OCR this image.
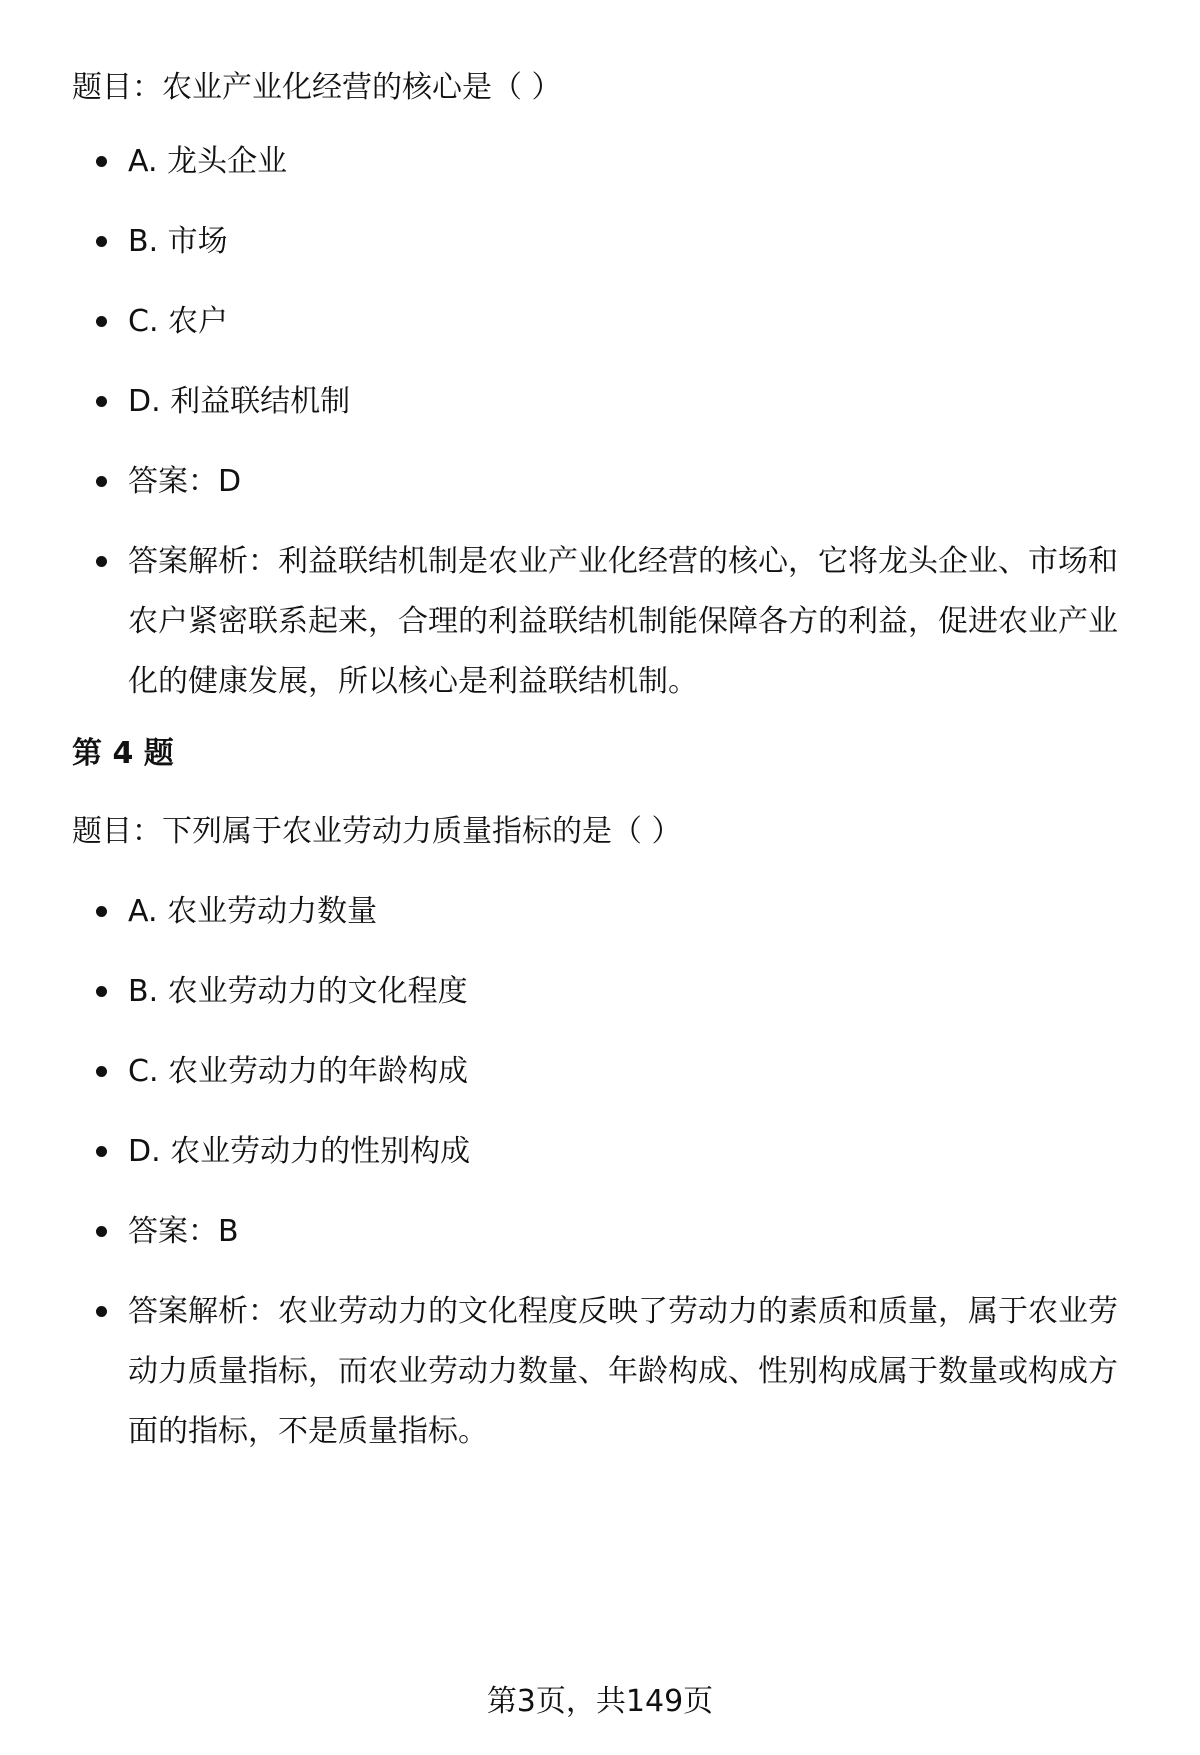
题目：农业产业化经营的核心是（ ）
A. 龙头企业
B. 市场
C. 农户
D. 利益联结机制
答案：D
答案解析：利益联结机制是农业产业化经营的核心，它将龙头企业、市场和农户紧密联系起来，合理的利益联结机制能保障各方的利益，促进农业产业化的健康发展，所以核心是利益联结机制。
第 4 题
题目：下列属于农业劳动力质量指标的是（ ）
A. 农业劳动力数量
B. 农业劳动力的文化程度
C. 农业劳动力的年龄构成
D. 农业劳动力的性别构成
答案：B
答案解析：农业劳动力的文化程度反映了劳动力的素质和质量，属于农业劳动力质量指标，而农业劳动力数量、年龄构成、性别构成属于数量或构成方面的指标，不是质量指标。
第3页，共149页
